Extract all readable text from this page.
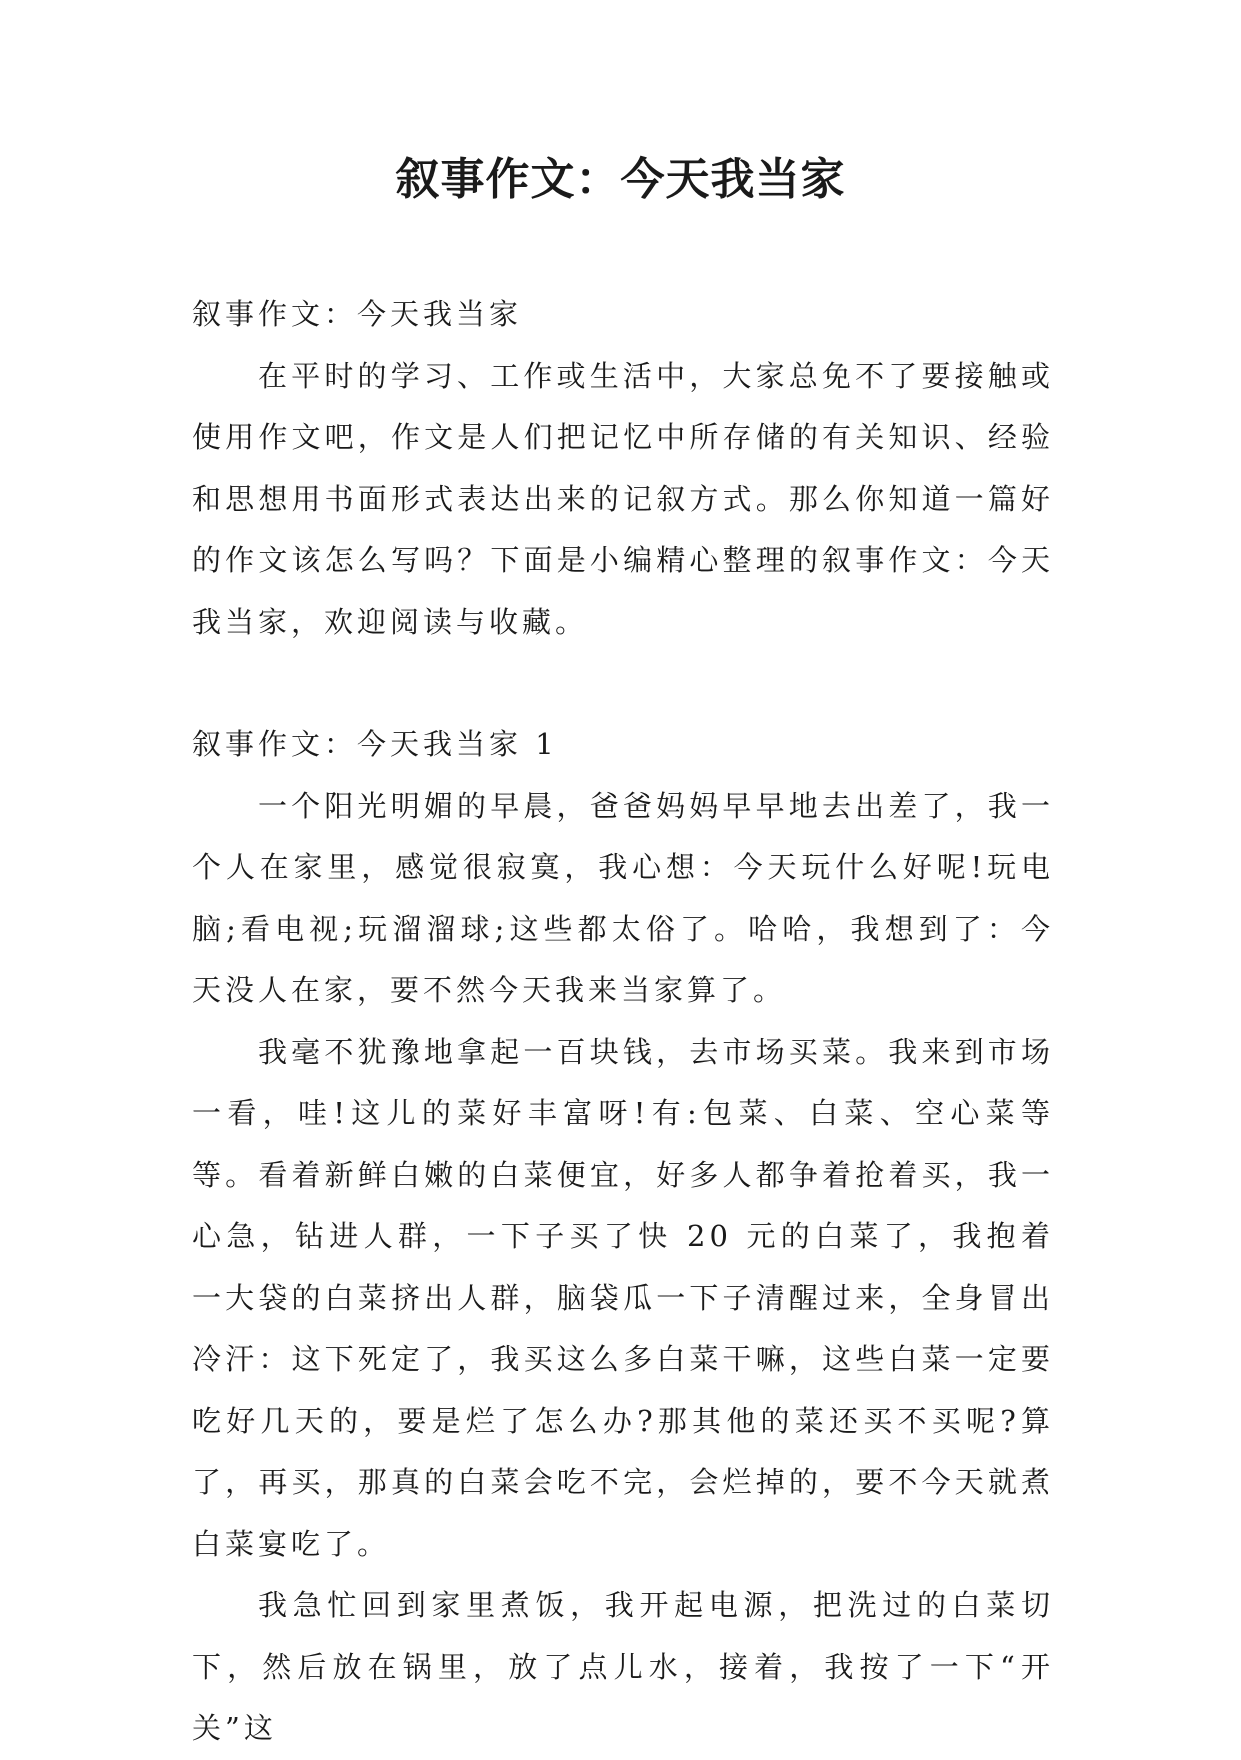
叙事作文：今天我当家

叙事作文：今天我当家

在平时的学习、工作或生活中，大家总免不了要接触或使用作文吧，作文是人们把记忆中所存储的有关知识、经验和思想用书面形式表达出来的记叙方式。那么你知道一篇好的作文该怎么写吗？下面是小编精心整理的叙事作文：今天我当家，欢迎阅读与收藏。

叙事作文：今天我当家 1

一个阳光明媚的早晨，爸爸妈妈早早地去出差了，我一个人在家里，感觉很寂寞，我心想：今天玩什么好呢!玩电脑;看电视;玩溜溜球;这些都太俗了。哈哈，我想到了：今天没人在家，要不然今天我来当家算了。

我毫不犹豫地拿起一百块钱，去市场买菜。我来到市场一看，哇!这儿的菜好丰富呀!有:包菜、白菜、空心菜等等。看着新鲜白嫩的白菜便宜，好多人都争着抢着买，我一心急，钻进人群，一下子买了快 20 元的白菜了，我抱着一大袋的白菜挤出人群，脑袋瓜一下子清醒过来，全身冒出冷汗：这下死定了，我买这么多白菜干嘛，这些白菜一定要吃好几天的，要是烂了怎么办?那其他的菜还买不买呢?算了，再买，那真的白菜会吃不完，会烂掉的，要不今天就煮白菜宴吃了。

我急忙回到家里煮饭，我开起电源，把洗过的白菜切下，然后放在锅里，放了点儿水，接着，我按了一下“开关”这
